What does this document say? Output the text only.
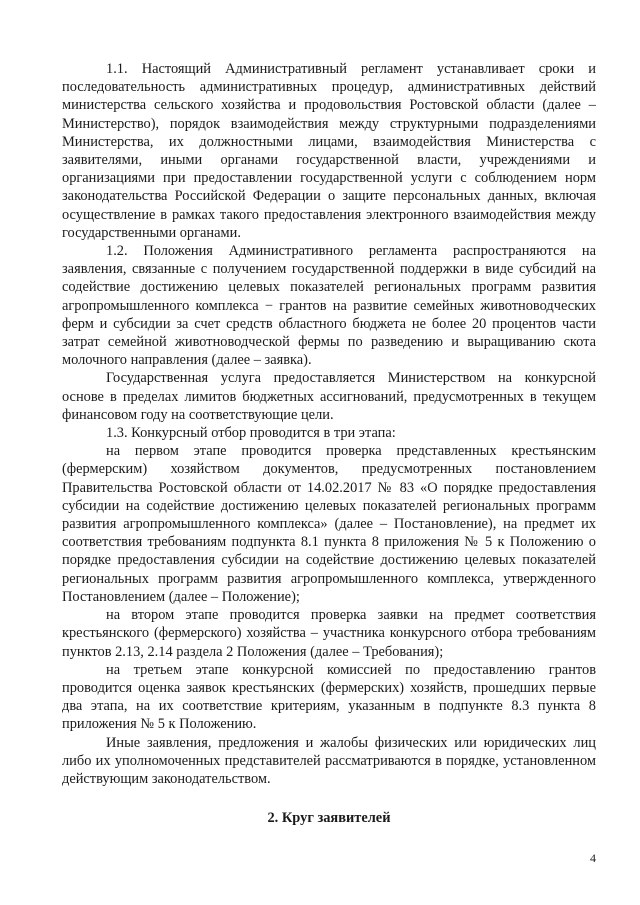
1.1. Настоящий Административный регламент устанавливает сроки и последовательность административных процедур, административных действий министерства сельского хозяйства и продовольствия Ростовской области (далее – Министерство), порядок взаимодействия между структурными подразделениями Министерства, их должностными лицами, взаимодействия Министерства с заявителями, иными органами государственной власти, учреждениями и организациями при предоставлении государственной услуги с соблюдением норм законодательства Российской Федерации о защите персональных данных, включая осуществление в рамках такого предоставления электронного взаимодействия между государственными органами.

1.2. Положения Административного регламента распространяются на заявления, связанные с получением государственной поддержки в виде субсидий на содействие достижению целевых показателей региональных программ развития агропромышленного комплекса − грантов на развитие семейных животноводческих ферм и субсидии за счет средств областного бюджета не более 20 процентов части затрат семейной животноводческой фермы по разведению и выращиванию скота молочного направления (далее – заявка).

Государственная услуга предоставляется Министерством на конкурсной основе в пределах лимитов бюджетных ассигнований, предусмотренных в текущем финансовом году на соответствующие цели.

1.3. Конкурсный отбор проводится в три этапа:

на первом этапе проводится проверка представленных крестьянским (фермерским) хозяйством документов, предусмотренных постановлением Правительства Ростовской области от 14.02.2017 № 83 «О порядке предоставления субсидии на содействие достижению целевых показателей региональных программ развития агропромышленного комплекса» (далее – Постановление), на предмет их соответствия требованиям подпункта 8.1 пункта 8 приложения № 5 к Положению о порядке предоставления субсидии на содействие достижению целевых показателей региональных программ развития агропромышленного комплекса, утвержденного Постановлением (далее – Положение);

на втором этапе проводится проверка заявки на предмет соответствия крестьянского (фермерского) хозяйства – участника конкурсного отбора требованиям пунктов 2.13, 2.14 раздела 2 Положения (далее – Требования);

на третьем этапе конкурсной комиссией по предоставлению грантов проводится оценка заявок крестьянских (фермерских) хозяйств, прошедших первые два этапа, на их соответствие критериям, указанным в подпункте 8.3 пункта 8 приложения № 5 к Положению.

Иные заявления, предложения и жалобы физических или юридических лиц либо их уполномоченных представителей рассматриваются в порядке, установленном действующим законодательством.

2. Круг заявителей
4
